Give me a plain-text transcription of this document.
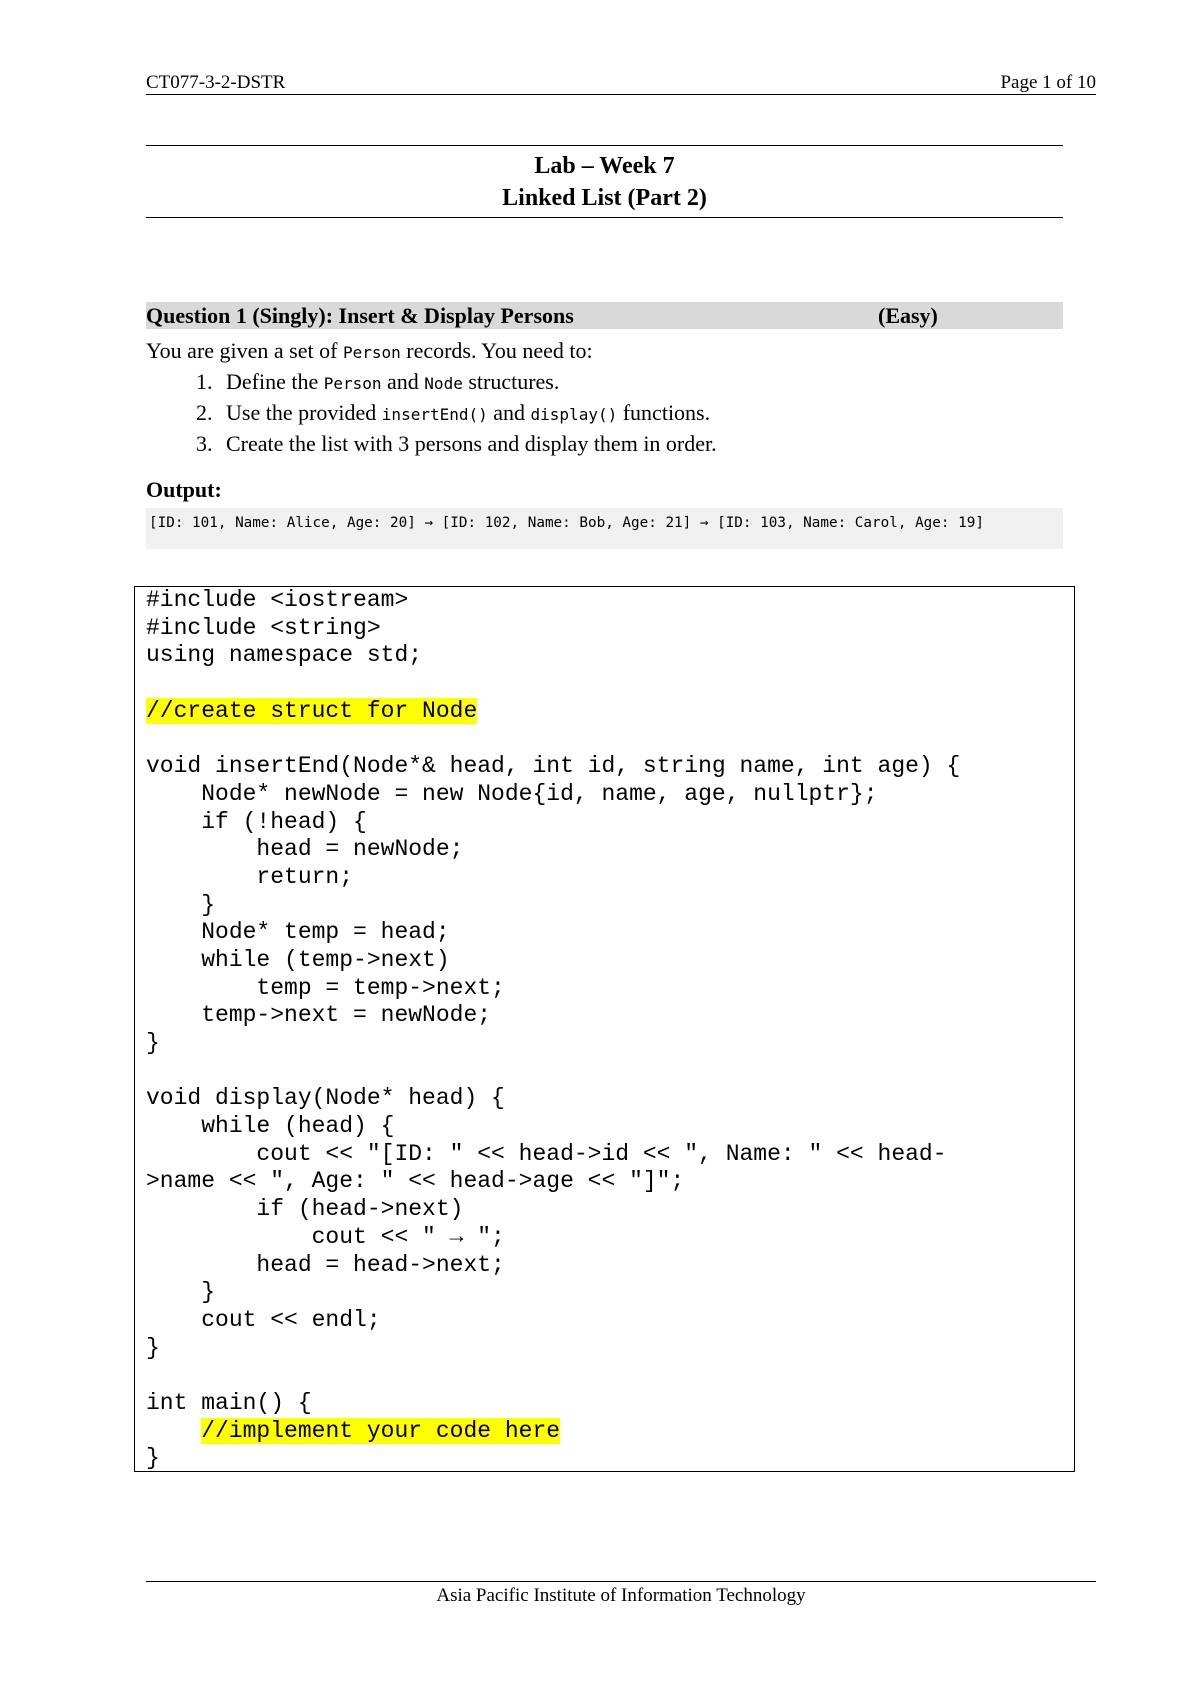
CT077-3-2-DSTR	Page 1 of 10
Lab – Week 7
Linked List (Part 2)
Question 1 (Singly): Insert & Display Persons	(Easy)

You are given a set of Person records. You need to:

1. Define the Person and Node structures.
2. Use the provided insertEnd() and display() functions.
3. Create the list with 3 persons and display them in order.
Output:
[ID: 101, Name: Alice, Age: 20] → [ID: 102, Name: Bob, Age: 21] → [ID: 103, Name: Carol, Age: 19]
#include <iostream>
#include <string>
using namespace std;
//create struct for Node
void insertEnd(Node*& head, int id, string name, int age) {
Node* newNode = new Node{id, name, age, nullptr};
if (!head) {
head = newNode;
return;
}
Node* temp = head;
while (temp->next)
temp = temp->next;
temp->next = newNode;
}
void display(Node* head) {
while (head) {
cout << "[ID: " << head->id << ", Name: " << head-
>name << ", Age: " << head->age << "]";
if (head->next)
cout << " → ";
head = head->next;
}
cout << endl;
}
int main() {
//implement your code here
}
Asia Pacific Institute of Information Technology
